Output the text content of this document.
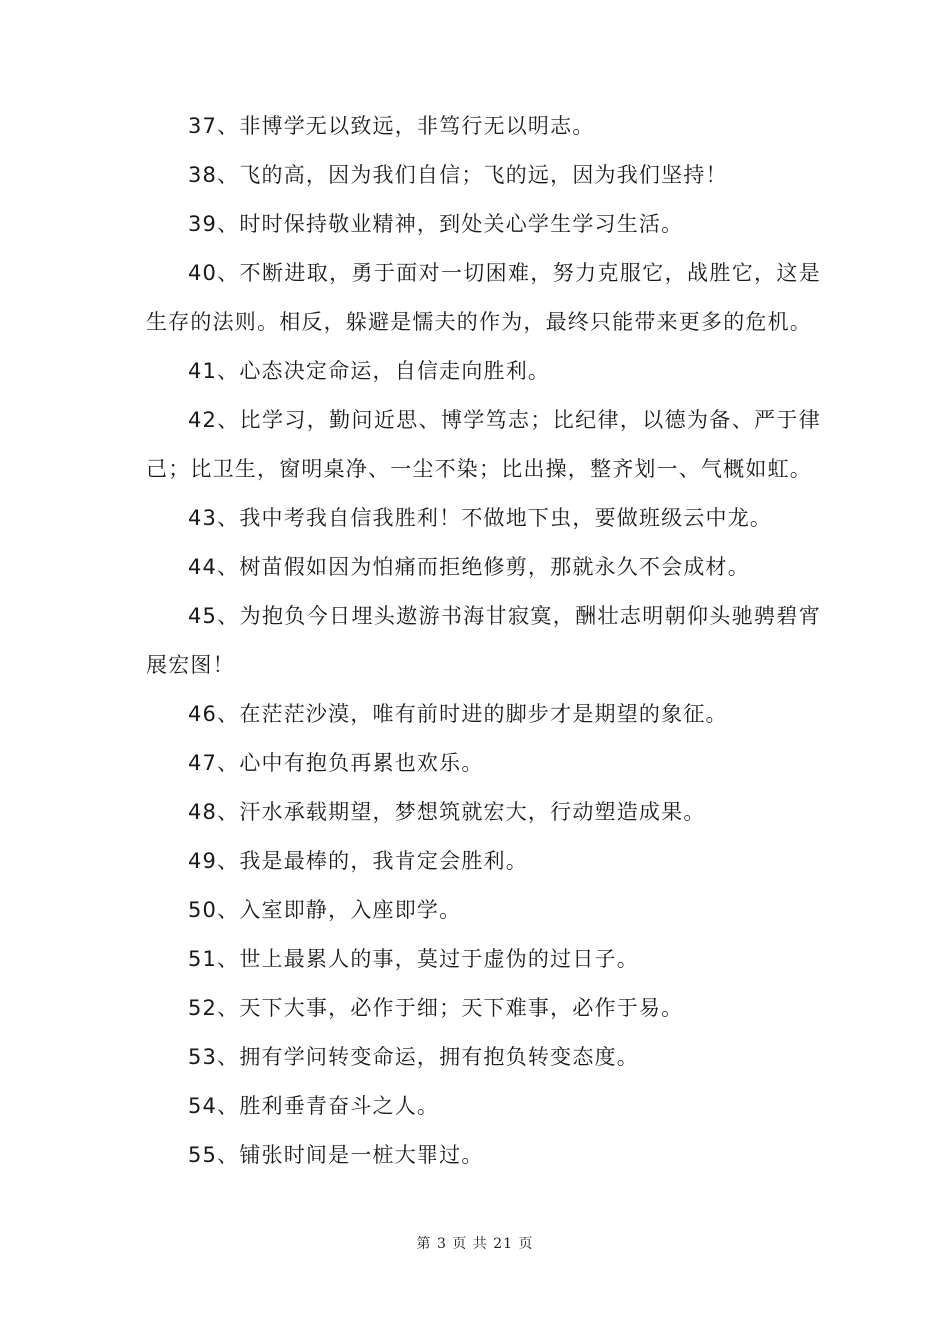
37、非博学无以致远，非笃行无以明志。

38、飞的高，因为我们自信；飞的远，因为我们坚持！

39、时时保持敬业精神，到处关心学生学习生活。

40、不断进取，勇于面对一切困难，努力克服它，战胜它，这是生存的法则。相反，躲避是懦夫的作为，最终只能带来更多的危机。

41、心态决定命运，自信走向胜利。

42、比学习，勤问近思、博学笃志；比纪律，以德为备、严于律己；比卫生，窗明桌净、一尘不染；比出操，整齐划一、气概如虹。

43、我中考我自信我胜利！不做地下虫，要做班级云中龙。

44、树苗假如因为怕痛而拒绝修剪，那就永久不会成材。

45、为抱负今日埋头遨游书海甘寂寞，酬壮志明朝仰头驰骋碧宵展宏图！

46、在茫茫沙漠，唯有前时进的脚步才是期望的象征。

47、心中有抱负再累也欢乐。

48、汗水承载期望，梦想筑就宏大，行动塑造成果。

49、我是最棒的，我肯定会胜利。

50、入室即静，入座即学。

51、世上最累人的事，莫过于虚伪的过日子。

52、天下大事，必作于细；天下难事，必作于易。

53、拥有学问转变命运，拥有抱负转变态度。

54、胜利垂青奋斗之人。

55、铺张时间是一桩大罪过。

第 3 页 共 21 页
